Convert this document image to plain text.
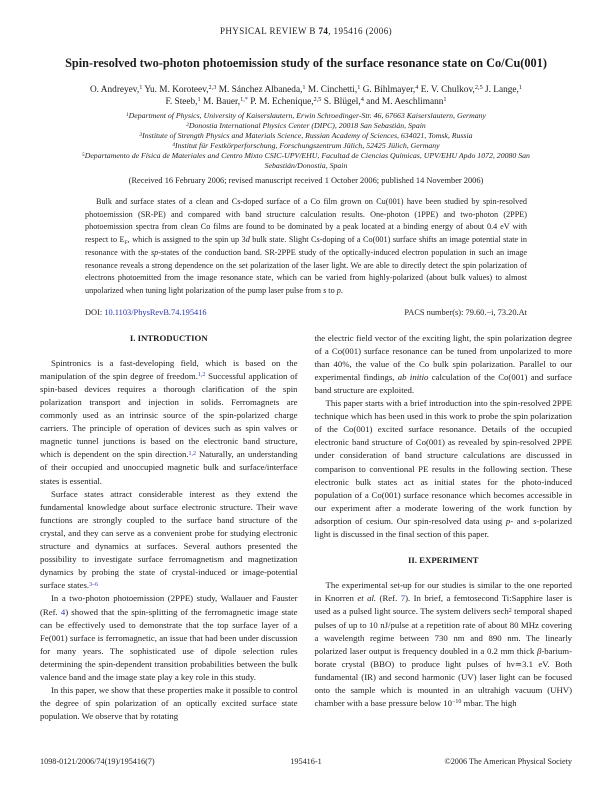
PHYSICAL REVIEW B 74, 195416 (2006)
Spin-resolved two-photon photoemission study of the surface resonance state on Co/Cu(001)
O. Andreyev,$^1$ Yu. M. Koroteev,$^{2,3}$ M. Sánchez Albaneda,$^1$ M. Cinchetti,$^1$ G. Bihlmayer,$^4$ E. V. Chulkov,$^{2,5}$ J. Lange,$^1$
F. Steeb,$^1$ M. Bauer,$^{1,*}$ P. M. Echenique,$^{2,5}$ S. Blügel,$^4$ and M. Aeschlimann$^1$
$^1$Department of Physics, University of Kaiserslautern, Erwin Schroedinger-Str. 46, 67663 Kaiserslautern, Germany
$^2$Donostia International Physics Center (DIPC), 20018 San Sebastián, Spain
$^3$Institute of Strength Physics and Materials Science, Russian Academy of Sciences, 634021, Tomsk, Russia
$^4$Institut für Festkörperforschung, Forschungszentrum Jülich, 52425 Jülich, Germany
$^5$Departamento de Física de Materiales and Centro Mixto CSIC-UPV/EHU, Facultad de Ciencias Químicas, UPV/EHU Apdo 1072, 20080 San Sebastián/Donostia, Spain
(Received 16 February 2006; revised manuscript received 1 October 2006; published 14 November 2006)
Bulk and surface states of a clean and Cs-doped surface of a Co film grown on Cu(001) have been studied by spin-resolved photoemission (SR-PE) and compared with band structure calculation results. One-photon (1PPE) and two-photon (2PPE) photoemission spectra from clean Co films are found to be dominated by a peak located at a binding energy of about 0.4 eV with respect to $E_F$, which is assigned to the spin up 3d bulk state. Slight Cs-doping of a Co(001) surface shifts an image potential state in resonance with the sp-states of the conduction band. SR-2PPE study of the optically-induced electron population in such an image resonance reveals a strong dependence on the set polarization of the laser light. We are able to directly detect the spin polarization of electrons photoemitted from the image resonance state, which can be varied from highly-polarized (about bulk values) to almost unpolarized when tuning light polarization of the pump laser pulse from s to p.
DOI: 10.1103/PhysRevB.74.195416	PACS number(s): 79.60.−i, 73.20.At
I. INTRODUCTION

Spintronics is a fast-developing field, which is based on the manipulation of the spin degree of freedom.$^{1,2}$ Successful application of spin-based devices requires a thorough clarification of the spin polarization transport and injection in solids. Ferromagnets are commonly used as an intrinsic source of the spin-polarized charge carriers. The principle of operation of devices such as spin valves or magnetic tunnel junctions is based on the electronic band structure, which is dependent on the spin direction.$^{1,2}$ Naturally, an understanding of their occupied and unoccupied magnetic bulk and surface/interface states is essential.

Surface states attract considerable interest as they extend the fundamental knowledge about surface electronic structure. Their wave functions are strongly coupled to the surface band structure of the crystal, and they can serve as a convenient probe for studying electronic structure and dynamics at surfaces. Several authors presented the possibility to investigate surface ferromagnetism and magnetization dynamics by probing the state of crystal-induced or image-potential surface states.$^{3-6}$

In a two-photon photoemission (2PPE) study, Wallauer and Fauster (Ref. 4) showed that the spin-splitting of the ferromagnetic image state can be effectively used to demonstrate that the top surface layer of a Fe(001) surface is ferromagnetic, an issue that had been under discussion for many years. The sophisticated use of dipole selection rules determining the spin-dependent transition probabilities between the bulk valence band and the image state play a key role in this study.

In this paper, we show that these properties make it possible to control the degree of spin polarization of an optically excited surface state population. We observe that by rotating

the electric field vector of the exciting light, the spin polarization degree of a Co(001) surface resonance can be tuned from unpolarized to more than 40%, the value of the Co bulk spin polarization. Parallel to our experimental findings, ab initio calculation of the Co(001) and surface band structure are exploited.

This paper starts with a brief introduction into the spin-resolved 2PPE technique which has been used in this work to probe the spin polarization of the Co(001) excited surface resonance. Details of the occupied electronic band structure of Co(001) as revealed by spin-resolved 2PPE under consideration of band structure calculations are discussed in comparison to conventional PE results in the following section. These electronic bulk states act as initial states for the photo-induced population of a Co(001) surface resonance which becomes accessible in our experiment after a moderate lowering of the work function by adsorption of cesium. Our spin-resolved data using p- and s-polarized light is discussed in the final section of this paper.

II. EXPERIMENT

The experimental set-up for our studies is similar to the one reported in Knorren et al. (Ref. 7). In brief, a femtosecond Ti:Sapphire laser is used as a pulsed light source. The system delivers sech$^2$ temporal shaped pulses of up to 10 nJ/pulse at a repetition rate of about 80 MHz covering a wavelength regime between 730 nm and 890 nm. The linearly polarized laser output is frequency doubled in a 0.2 mm thick β-barium-borate crystal (BBO) to produce light pulses of hν≃3.1 eV. Both fundamental (IR) and second harmonic (UV) laser light can be focused onto the sample which is mounted in an ultrahigh vacuum (UHV) chamber with a base pressure below $10^{-10}$ mbar. The high

1098-0121/2006/74(19)/195416(7)	195416-1	©2006 The American Physical Society
